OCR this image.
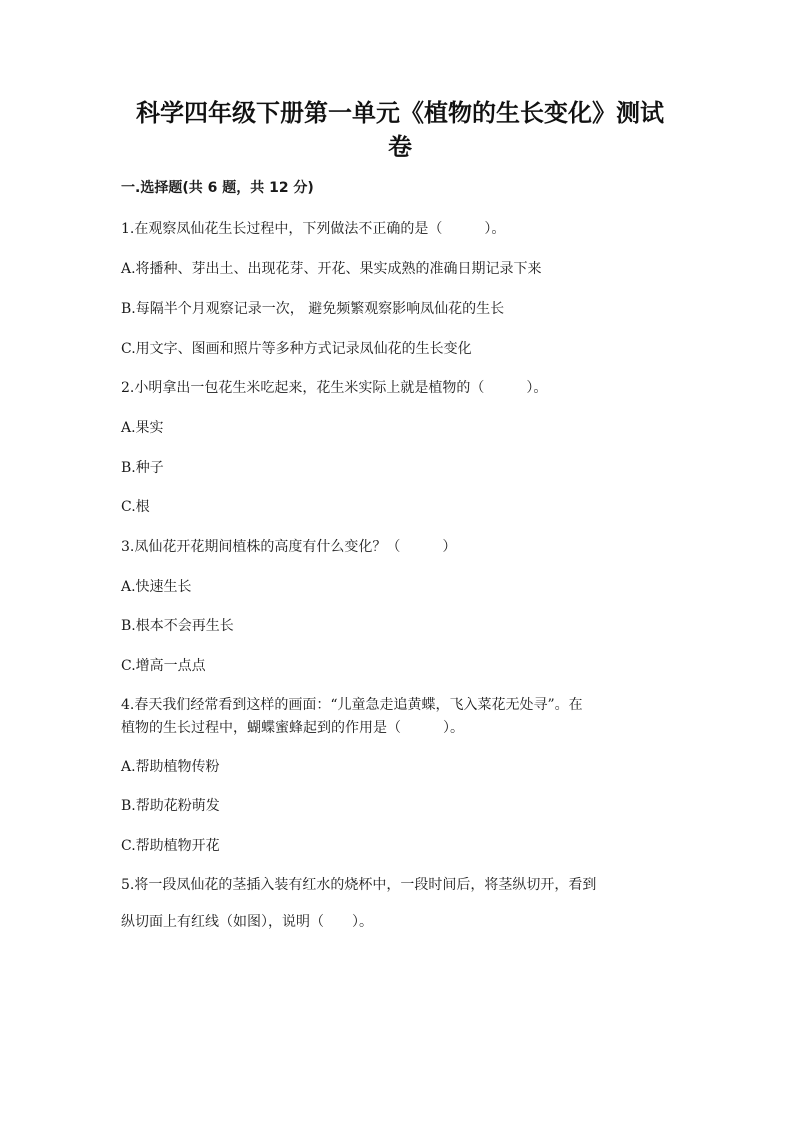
科学四年级下册第一单元《植物的生长变化》测试
卷
一.选择题(共 6 题，共 12 分)
1.在观察凤仙花生长过程中，下列做法不正确的是（　　　）。
A.将播种、芽出土、出现花芽、开花、果实成熟的准确日期记录下来
B.每隔半个月观察记录一次， 避免频繁观察影响凤仙花的生长
C.用文字、图画和照片等多种方式记录凤仙花的生长变化
2.小明拿出一包花生米吃起来，花生米实际上就是植物的（　　　）。
A.果实
B.种子
C.根
3.凤仙花开花期间植株的高度有什么变化？（　　　）
A.快速生长
B.根本不会再生长
C.增高一点点
4.春天我们经常看到这样的画面：“儿童急走追黄蝶，飞入菜花无处寻”。在
植物的生长过程中，蝴蝶蜜蜂起到的作用是（　　　）。
A.帮助植物传粉
B.帮助花粉萌发
C.帮助植物开花
5.将一段凤仙花的茎插入装有红水的烧杯中，一段时间后，将茎纵切开，看到
纵切面上有红线（如图），说明（　　）。
